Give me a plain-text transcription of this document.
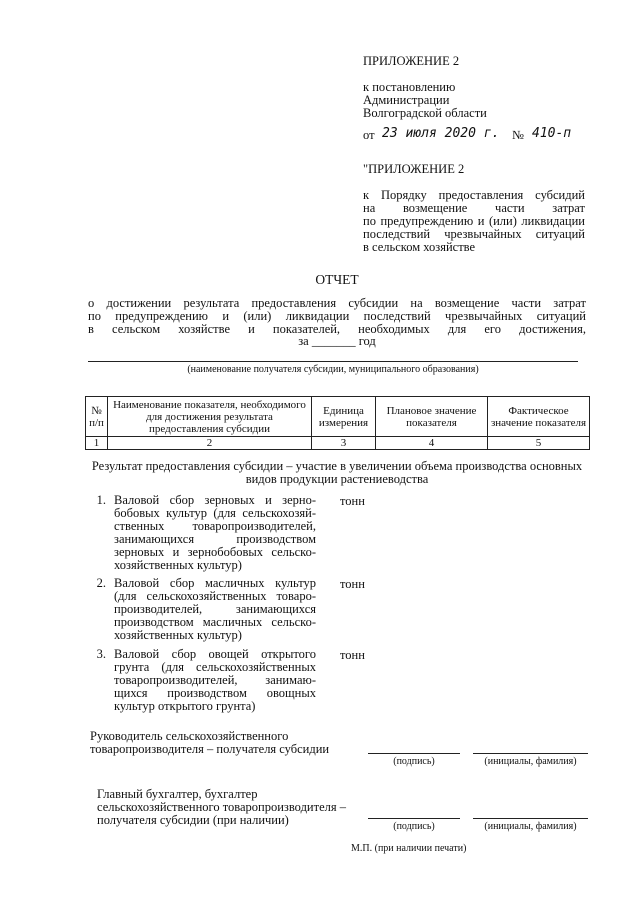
ПРИЛОЖЕНИЕ 2
к постановлению
Администрации
Волгоградской области
от 23 июля 2020 г. № 410-п
"ПРИЛОЖЕНИЕ 2
к Порядку предоставления субсидий
на возмещение части затрат
по предупреждению и (или) ликвидации
последствий чрезвычайных ситуаций
в сельском хозяйстве
ОТЧЕТ
о достижении результата предоставления субсидии на возмещение части затрат
по предупреждению и (или) ликвидации последствий чрезвычайных ситуаций
в сельском хозяйстве и показателей, необходимых для его достижения,
за _______ год
(наименование получателя субсидии, муниципального образования)
№ п/п	Наименование показателя, необходимого для достижения результата предоставления субсидии	Единица измерения	Плановое значение показателя	Фактическое значение показателя
1	2	3	4	5
Результат предоставления субсидии – участие в увеличении объема производства основных
видов продукции растениеводства
1. Валовой сбор зерновых и зерно-
бобовых культур (для сельскохозяй-
ственных товаропроизводителей,
занимающихся производством
зерновых и зернобобовых сельско-
хозяйственных культур)
тонн
2. Валовой сбор масличных культур
(для сельскохозяйственных товаро-
производителей, занимающихся
производством масличных сельско-
хозяйственных культур)
тонн
3. Валовой сбор овощей открытого
грунта (для сельскохозяйственных
товаропроизводителей, занимаю-
щихся производством овощных
культур открытого грунта)
тонн
Руководитель сельскохозяйственного
товаропроизводителя – получателя субсидии
(подпись)	(инициалы, фамилия)
Главный бухгалтер, бухгалтер
сельскохозяйственного товаропроизводителя –
получателя субсидии (при наличии)	(подпись)	(инициалы, фамилия)
М.П. (при наличии печати)
